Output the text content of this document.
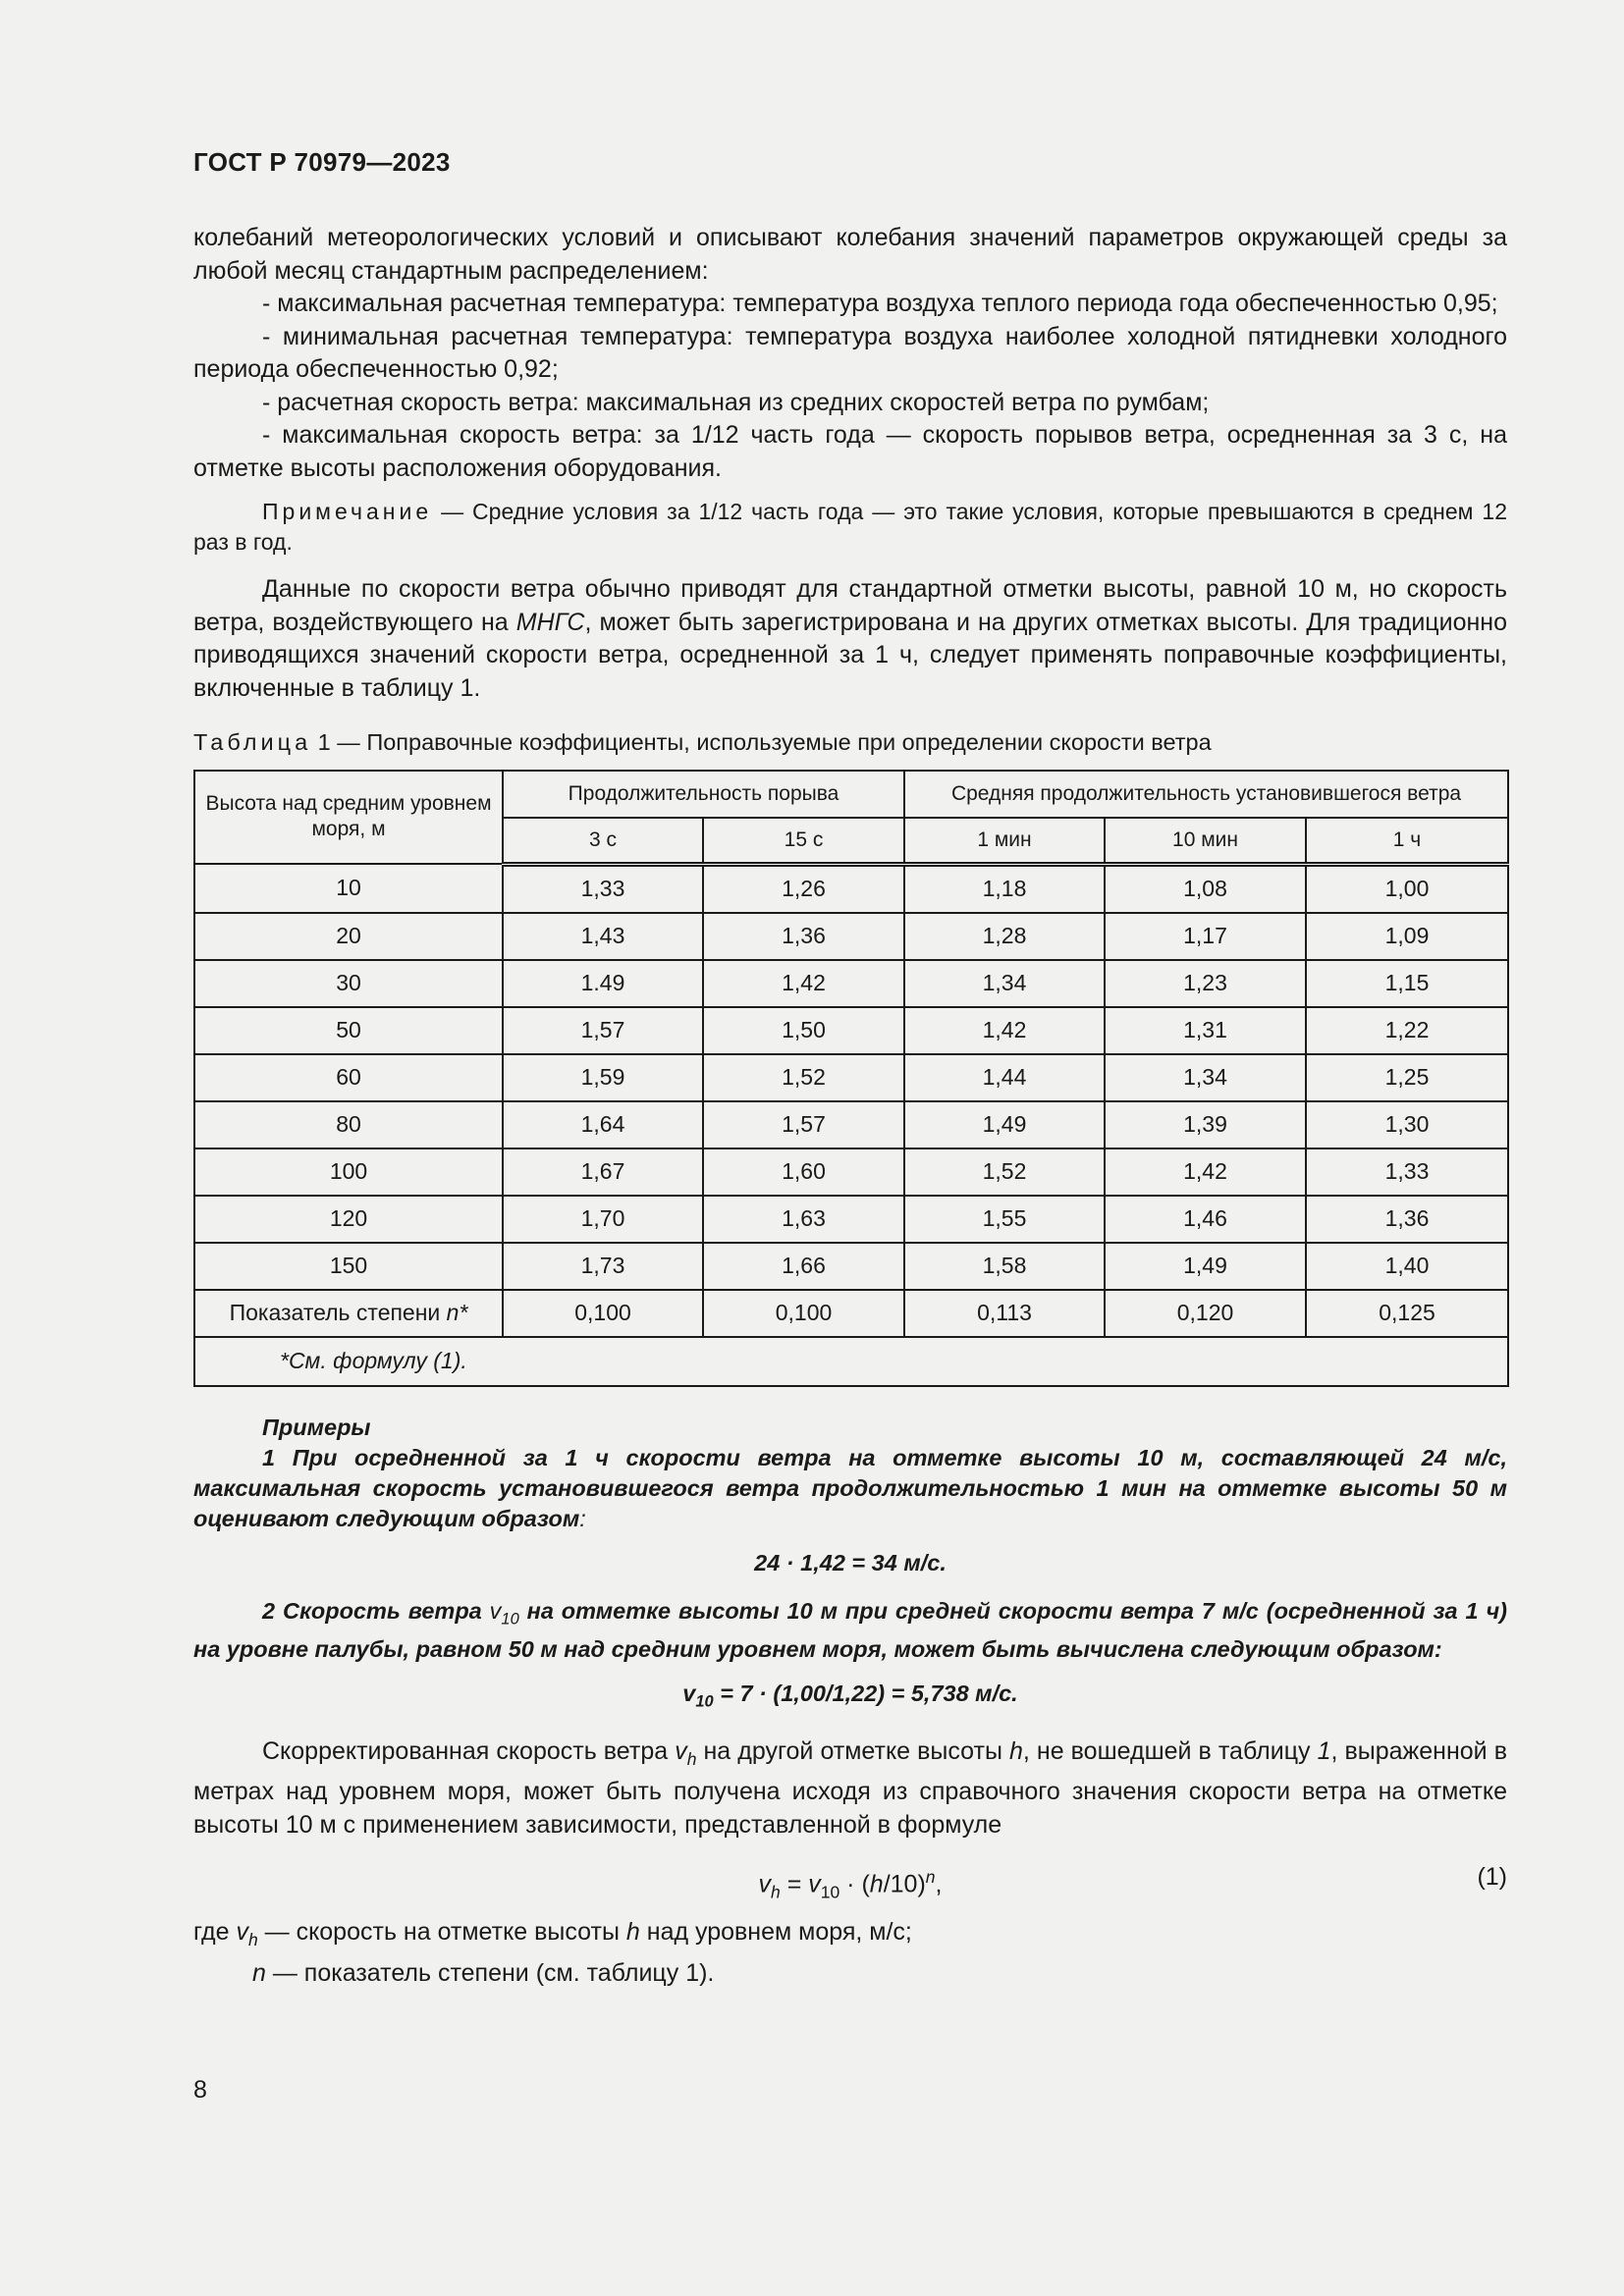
ГОСТ Р 70979—2023

колебаний метеорологических условий и описывают колебания значений параметров окружающей среды за любой месяц стандартным распределением:

- максимальная расчетная температура: температура воздуха теплого периода года обеспеченностью 0,95;

- минимальная расчетная температура: температура воздуха наиболее холодной пятидневки холодного периода обеспеченностью 0,92;

- расчетная скорость ветра: максимальная из средних скоростей ветра по румбам;

- максимальная скорость ветра: за 1/12 часть года — скорость порывов ветра, осредненная за 3 с, на отметке высоты расположения оборудования.

Примечание — Средние условия за 1/12 часть года — это такие условия, которые превышаются в среднем 12 раз в год.

Данные по скорости ветра обычно приводят для стандартной отметки высоты, равной 10 м, но скорость ветра, воздействующего на МНГС, может быть зарегистрирована и на других отметках высоты. Для традиционно приводящихся значений скорости ветра, осредненной за 1 ч, следует применять поправочные коэффициенты, включенные в таблицу 1.

Таблица 1 — Поправочные коэффициенты, используемые при определении скорости ветра
Высота над средним уровнем моря, м	Продолжительность порыва		Средняя продолжительность установившегося ветра		
	3 с	15 с	1 мин	10 мин	1 ч
10	1,33	1,26	1,18	1,08	1,00
20	1,43	1,36	1,28	1,17	1,09
30	1.49	1,42	1,34	1,23	1,15
50	1,57	1,50	1,42	1,31	1,22
60	1,59	1,52	1,44	1,34	1,25
80	1,64	1,57	1,49	1,39	1,30
100	1,67	1,60	1,52	1,42	1,33
120	1,70	1,63	1,55	1,46	1,36
150	1,73	1,66	1,58	1,49	1,40
Показатель степени n*	0,100	0,100	0,113	0,120	0,125
*См. формулу (1).					

Примеры

1 При осредненной за 1 ч скорости ветра на отметке высоты 10 м, составляющей 24 м/с, максимальная скорость установившегося ветра продолжительностью 1 мин на отметке высоты 50 м оценивают следующим образом:

24 · 1,42 = 34 м/с.

2 Скорость ветра $v_{10}$ на отметке высоты 10 м при средней скорости ветра 7 м/с (осредненной за 1 ч) на уровне палубы, равном 50 м над средним уровнем моря, может быть вычислена следующим образом:

$v_{10} = 7 \cdot (1,00/1,22) = 5,738$ м/с.

Скорректированная скорость ветра $v_h$ на другой отметке высоты h, не вошедшей в таблицу 1, выраженной в метрах над уровнем моря, может быть получена исходя из справочного значения скорости ветра на отметке высоты 10 м с применением зависимости, представленной в формуле

$v_h = v_{10} \cdot (h/10)^n$,	(1)
где $v_h$ — скорость на отметке высоты h над уровнем моря, м/с;
n — показатель степени (см. таблицу 1).
8
